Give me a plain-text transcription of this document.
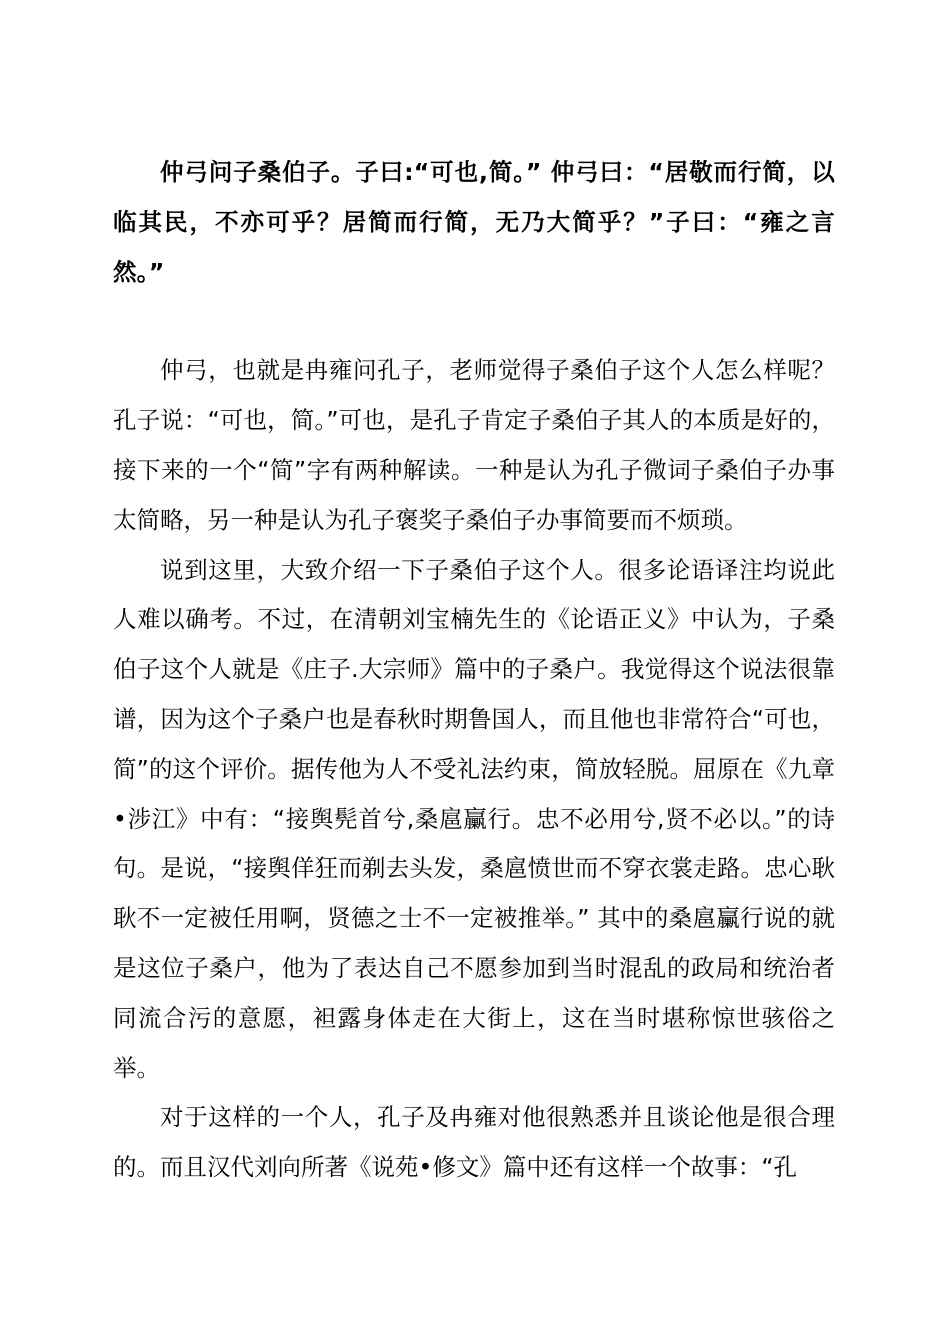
仲弓问子桑伯子。子曰:“可也,简。” 仲弓曰：“居敬而行简，以临其民，不亦可乎？居简而行简，无乃大简乎？”子曰：“雍之言然。”

仲弓，也就是冉雍问孔子，老师觉得子桑伯子这个人怎么样呢？孔子说：“可也，简。”可也，是孔子肯定子桑伯子其人的本质是好的，接下来的一个“简”字有两种解读。一种是认为孔子微词子桑伯子办事太简略，另一种是认为孔子褒奖子桑伯子办事简要而不烦琐。

说到这里，大致介绍一下子桑伯子这个人。很多论语译注均说此人难以确考。不过，在清朝刘宝楠先生的《论语正义》中认为，子桑伯子这个人就是《庄子.大宗师》篇中的子桑户。我觉得这个说法很靠谱，因为这个子桑户也是春秋时期鲁国人，而且他也非常符合“可也，简”的这个评价。据传他为人不受礼法约束，简放轻脱。屈原在《九章•涉江》中有：“接舆髡首兮,桑扈臝行。忠不必用兮,贤不必以。”的诗句。是说，“接舆佯狂而剃去头发，桑扈愤世而不穿衣裳走路。忠心耿耿不一定被任用啊，贤德之士不一定被推举。” 其中的桑扈臝行说的就是这位子桑户，他为了表达自己不愿参加到当时混乱的政局和统治者同流合污的意愿，袒露身体走在大街上，这在当时堪称惊世骇俗之举。

对于这样的一个人，孔子及冉雍对他很熟悉并且谈论他是很合理的。而且汉代刘向所著《说苑•修文》篇中还有这样一个故事：“孔
